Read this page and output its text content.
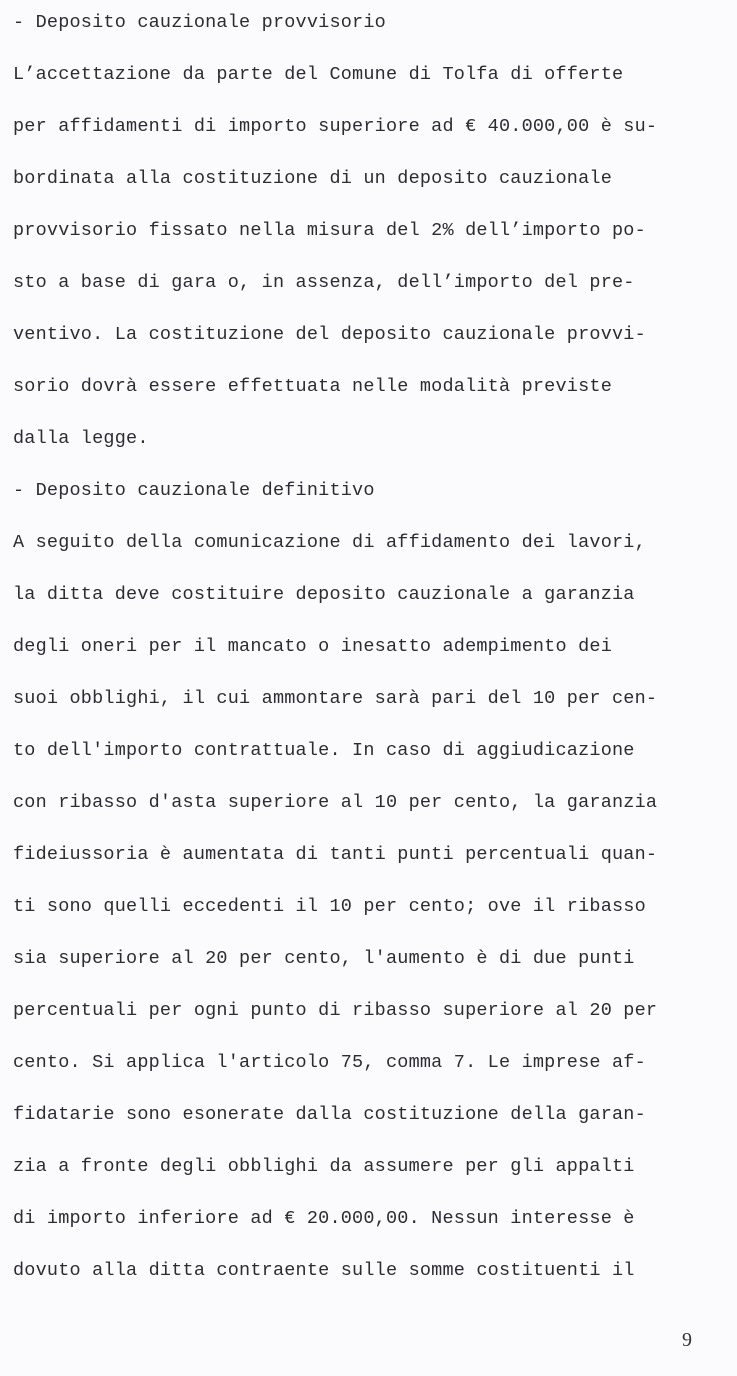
- Deposito cauzionale provvisorio
L’accettazione da parte del Comune di Tolfa di offerte
per affidamenti di importo superiore ad € 40.000,00 è su-
bordinata alla costituzione di un deposito cauzionale
provvisorio fissato nella misura del 2% dell’importo po-
sto a base di gara o, in assenza, dell’importo del pre-
ventivo. La costituzione del deposito cauzionale provvi-
sorio dovrà essere effettuata nelle modalità previste
dalla legge.
- Deposito cauzionale definitivo
A seguito della comunicazione di affidamento dei lavori,
la ditta deve costituire deposito cauzionale a garanzia
degli oneri per il mancato o inesatto adempimento dei
suoi obblighi, il cui ammontare sarà pari del 10 per cen-
to dell'importo contrattuale. In caso di aggiudicazione
con ribasso d'asta superiore al 10 per cento, la garanzia
fideiussoria è aumentata di tanti punti percentuali quan-
ti sono quelli eccedenti il 10 per cento; ove il ribasso
sia superiore al 20 per cento, l'aumento è di due punti
percentuali per ogni punto di ribasso superiore al 20 per
cento. Si applica l'articolo 75, comma 7. Le imprese af-
fidatarie sono esonerate dalla costituzione della garan-
zia a fronte degli obblighi da assumere per gli appalti
di importo inferiore ad € 20.000,00. Nessun interesse è
dovuto alla ditta contraente sulle somme costituenti il
9
